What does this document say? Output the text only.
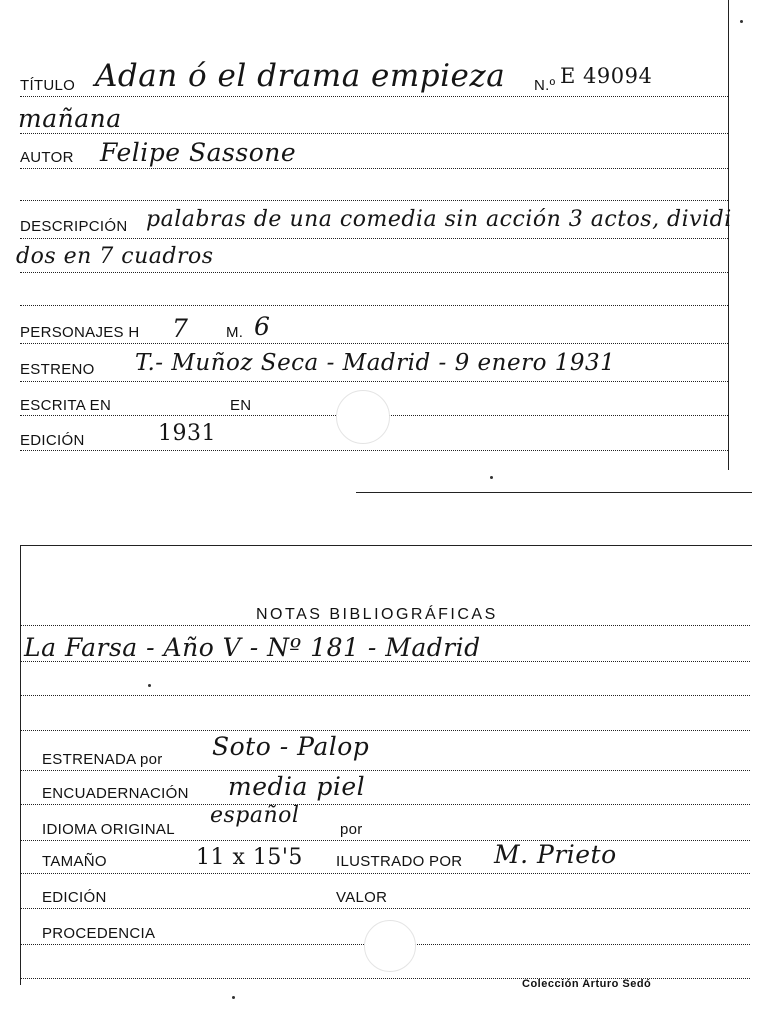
TÍTULO Adan ó el drama empieza N.º E 49094
mañana
AUTOR Felipe Sassone
DESCRIPCIÓN palabras de una comedia sin acción 3 actos, dividi
dos en 7 cuadros
PERSONAJES H 7	M. 6
ESTRENO T.- Muñoz Seca - Madrid - 9 enero 1931
ESCRITA EN	EN
EDICIÓN	1931
NOTAS BIBLIOGRÁFICAS
La Farsa - Año V - Nº 181 - Madrid
ESTRENADA por Soto - Palop
ENCUADERNACIÓN media piel
IDIOMA ORIGINAL
español
por
TAMAÑO	11 x 15'5 ILUSTRADO POR M. Prieto
EDICIÓN	VALOR
PROCEDENCIA
Colección Arturo Sedó
